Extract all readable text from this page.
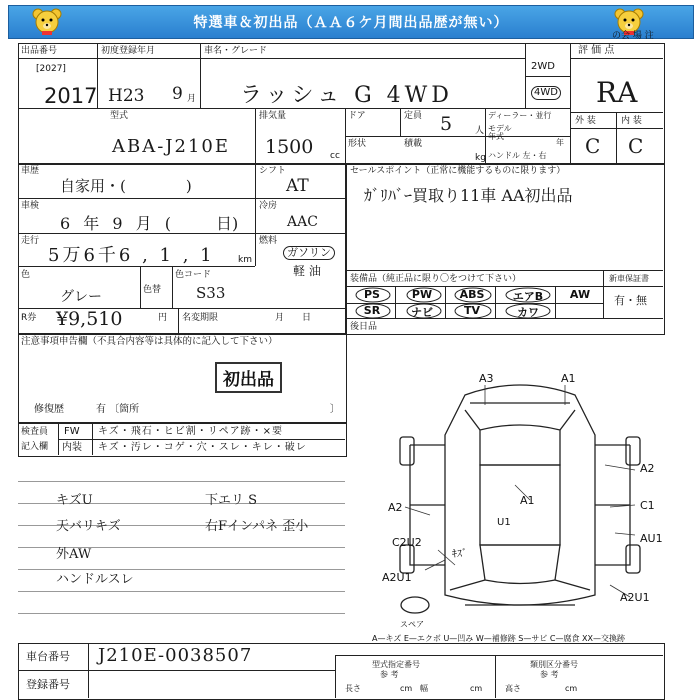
特選車＆初出品（ＡＡ６ケ月間出品歴が無い）
出品番号	初度登録年月	車名・グレード	評 価 点
の会 場 注
[2027]
2017 H23 9 月 ラッシュ G 4WD
2WD
4WD RA
型式
ABA-J210E
排気量
1500 cc
ドア	定員 5	人
ディーラー・並行
モデル
年式
形状	積載
kg ハンドル 左・右
年
外 装	内 装
C C
車歴
自家用・(　　　　)
車検
6 年 9 月 (　　 日)
走行
5万6千6 , 1 , 1	km
色
グレー	色替
色コード
S33
R券 ¥9,510	円 名変期限	月　　日
シフト
AT
冷房
AAC
燃料
ガソリン
軽 油
セールスポイント（正常に機能するものに限ります）
ｶﾞﾘﾊﾞｰ買取り11車 AA初出品
装備品（純正品に限り〇をつけて下さい）	新車保証書
有・無
PS	PW	ABS	エアB	AW
SR	ナビ	TV	カワ
後日品
注意事項申告欄（不具合内容等は具体的に記入して下さい）
初出品
修復歴	有 〔箇所	〕
検査員
記入欄
FW キズ・飛石・ヒビ割・リペア跡・×要
内装 キズ・汚レ・コゲ・穴・スレ・キレ・破レ
キズU
天バリキズ
外AW
ハンドルスレ
下エリ S
右Fインパネ 歪小
A3	A1
A2
A2	C1
AU1
A1
U1
C2U2
ｷｽﾞ
A2U1
A2U1
スペア
A—キズ E—エクボ U—凹み W—補修跡 S—サビ C—腐食 XX—交換跡
車台番号 J210E-0038507
登録番号
型式指定番号
参 考
類別区分番号
参 考
長さ	cm 幅	cm	高さ	cm
